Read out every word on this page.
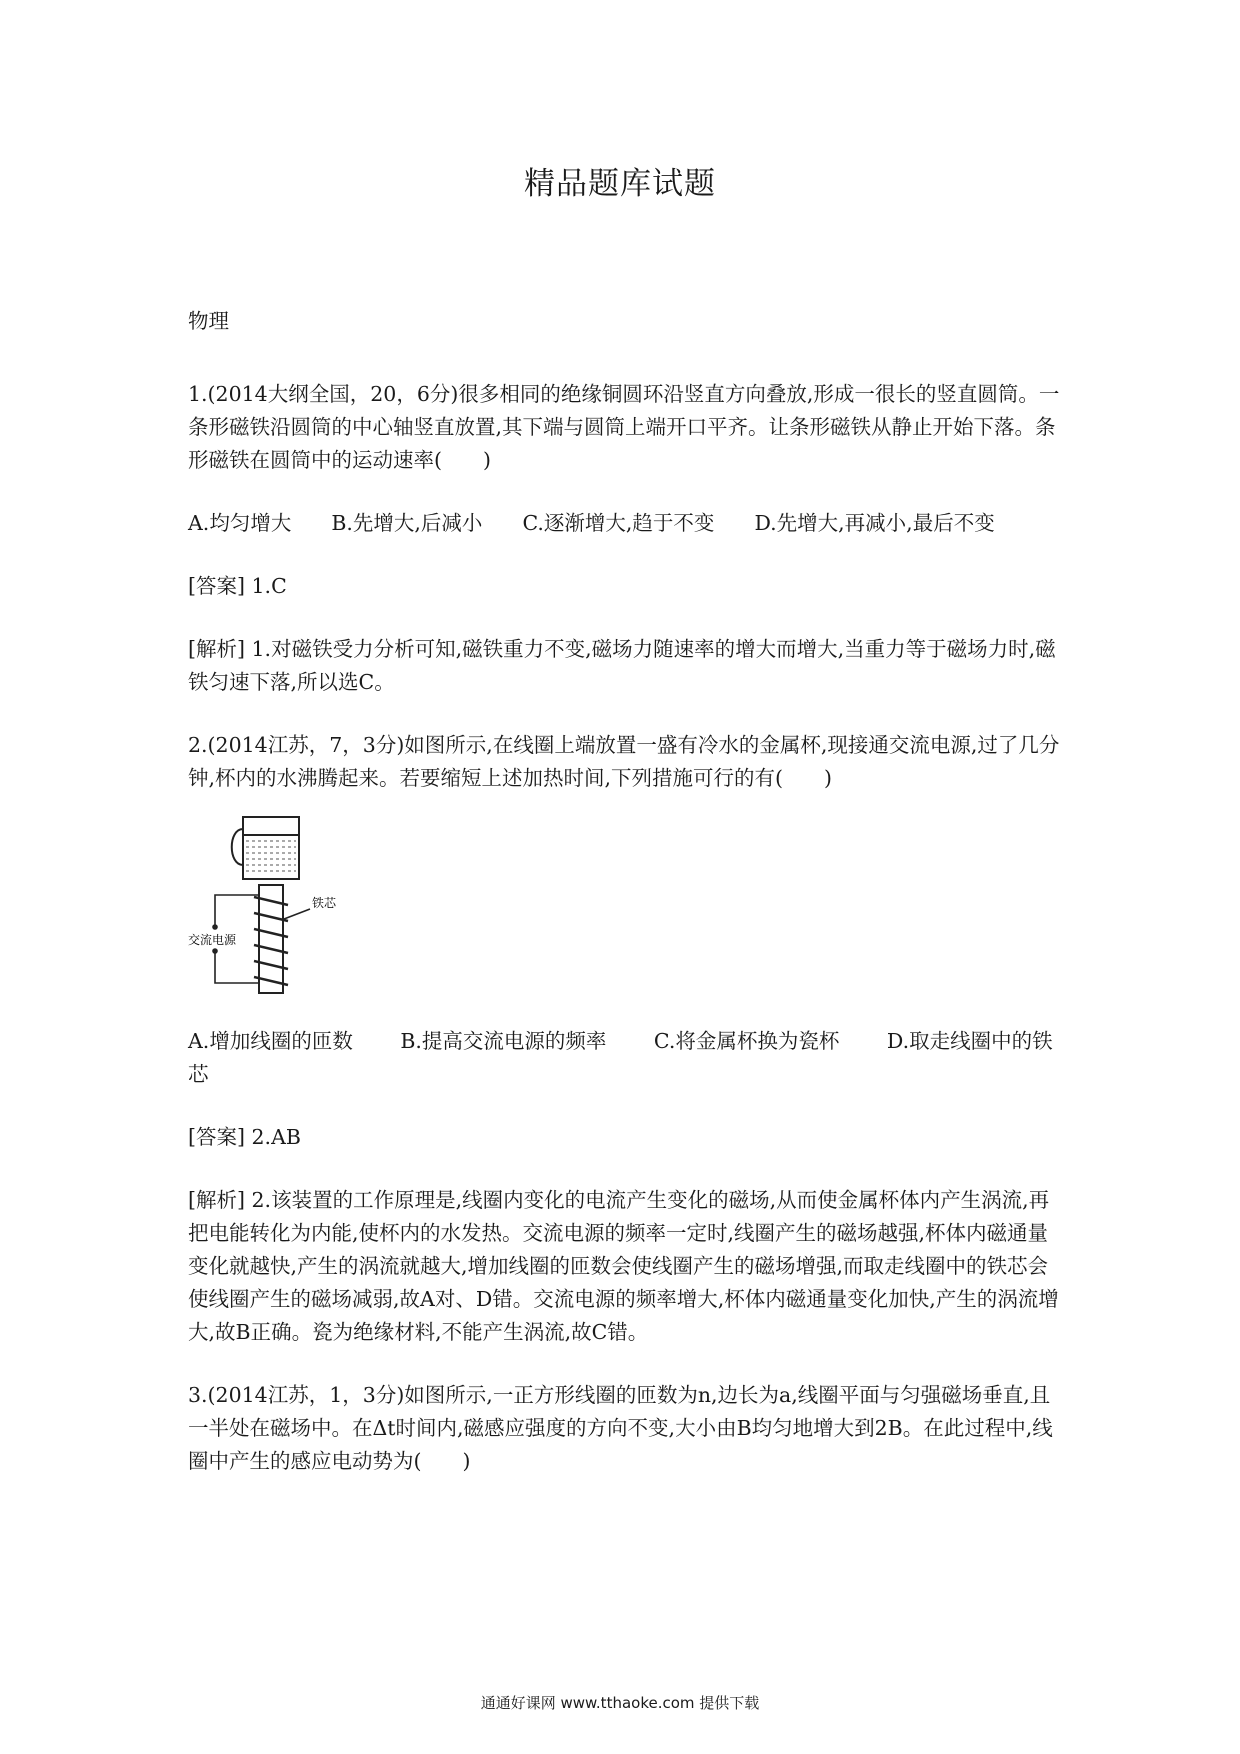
精品题库试题

物理

1.(2014大纲全国，20，6分)很多相同的绝缘铜圆环沿竖直方向叠放,形成一很长的竖直圆筒。一条形磁铁沿圆筒的中心轴竖直放置,其下端与圆筒上端开口平齐。让条形磁铁从静止开始下落。条形磁铁在圆筒中的运动速率(　　)

A.均匀增大 B.先增大,后减小 C.逐渐增大,趋于不变 D.先增大,再减小,最后不变

[答案] 1.C

[解析] 1.对磁铁受力分析可知,磁铁重力不变,磁场力随速率的增大而增大,当重力等于磁场力时,磁铁匀速下落,所以选C。

2.(2014江苏，7，3分)如图所示,在线圈上端放置一盛有冷水的金属杯,现接通交流电源,过了几分钟,杯内的水沸腾起来。若要缩短上述加热时间,下列措施可行的有(　　)

交流电源
铁芯

A.增加线圈的匝数　　 B.提高交流电源的频率　　 C.将金属杯换为瓷杯　　 D.取走线圈中的铁芯

[答案] 2.AB

[解析] 2.该装置的工作原理是,线圈内变化的电流产生变化的磁场,从而使金属杯体内产生涡流,再把电能转化为内能,使杯内的水发热。交流电源的频率一定时,线圈产生的磁场越强,杯体内磁通量变化就越快,产生的涡流就越大,增加线圈的匝数会使线圈产生的磁场增强,而取走线圈中的铁芯会使线圈产生的磁场减弱,故A对、D错。交流电源的频率增大,杯体内磁通量变化加快,产生的涡流增大,故B正确。瓷为绝缘材料,不能产生涡流,故C错。

3.(2014江苏，1，3分)如图所示,一正方形线圈的匝数为n,边长为a,线圈平面与匀强磁场垂直,且一半处在磁场中。在Δt时间内,磁感应强度的方向不变,大小由B均匀地增大到2B。在此过程中,线圈中产生的感应电动势为(　　)

通通好课网 www.tthaoke.com 提供下载
